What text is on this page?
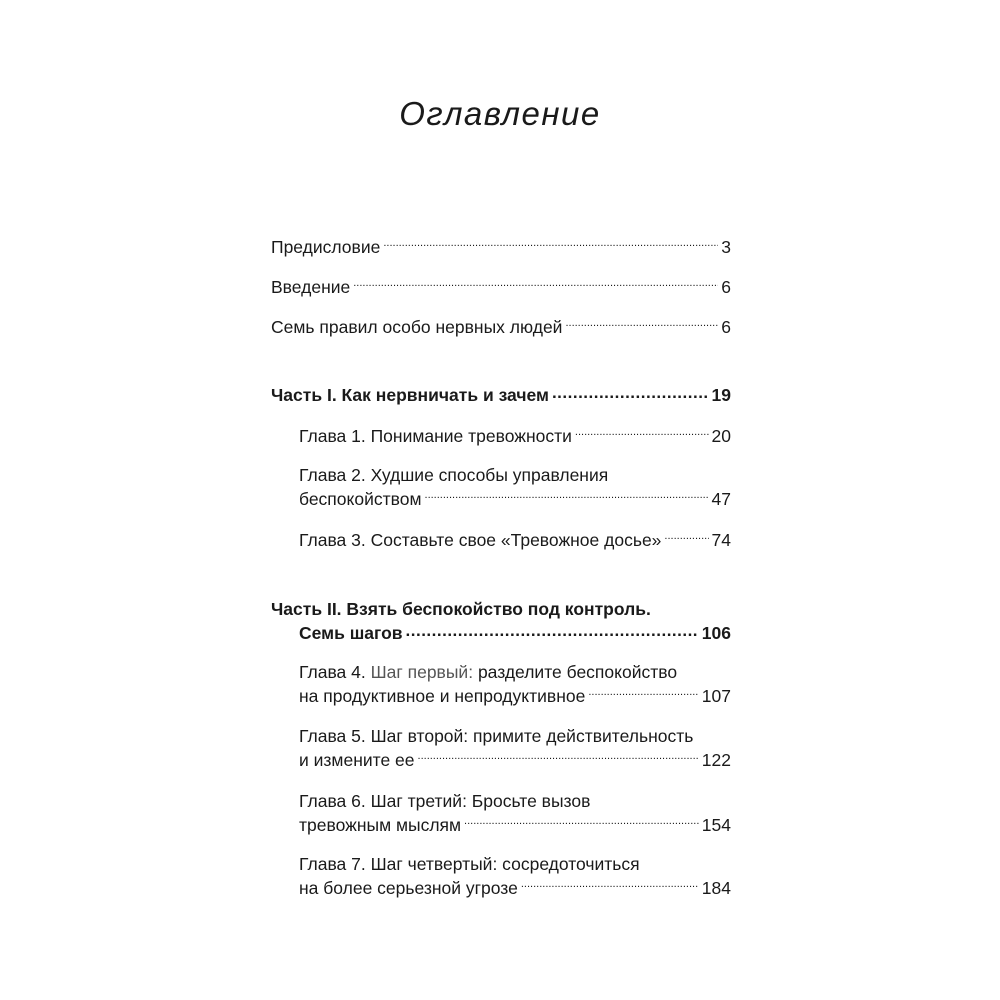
Оглавление
Предисловие .....	3
Введение .....	6
Семь правил особо нервных людей .....	6
Часть I. Как нервничать и зачем .....	19
Глава 1. Понимание тревожности .....	20
Глава 2. Худшие способы управления
беспокойством .....	47
Глава 3. Составьте свое «Тревожное досье» .....	74
Часть II. Взять беспокойство под контроль.
Семь шагов .....	106
Глава 4. Шаг первый: разделите беспокойство
на продуктивное и непродуктивное .....	107
Глава 5. Шаг второй: примите действительность
и измените ее .....	122
Глава 6. Шаг третий: Бросьте вызов
тревожным мыслям .....	154
Глава 7. Шаг четвертый: сосредоточиться
на более серьезной угрозе .....	184
